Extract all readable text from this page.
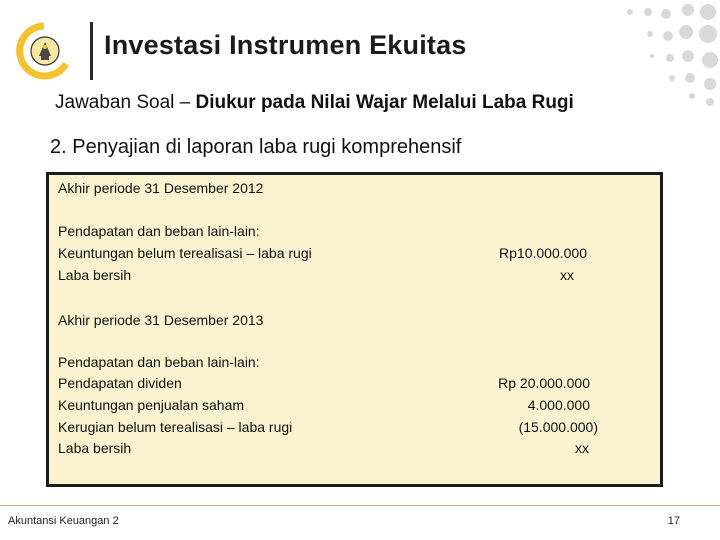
Investasi Instrumen Ekuitas
Jawaban Soal – Diukur pada Nilai Wajar Melalui Laba Rugi
2. Penyajian di laporan laba rugi komprehensif
Akhir periode 31 Desember 2012
Pendapatan dan beban lain-lain:
Keuntungan belum terealisasi – laba rugi
Laba bersih
Rp10.000.000
xx
Akhir periode 31 Desember 2013
Pendapatan dan beban lain-lain:
Pendapatan dividen
Keuntungan penjualan saham
Kerugian belum terealisasi – laba rugi
Laba bersih
Rp 20.000.000
4.000.000
(15.000.000)
xx
Akuntansi Keuangan 2	17
